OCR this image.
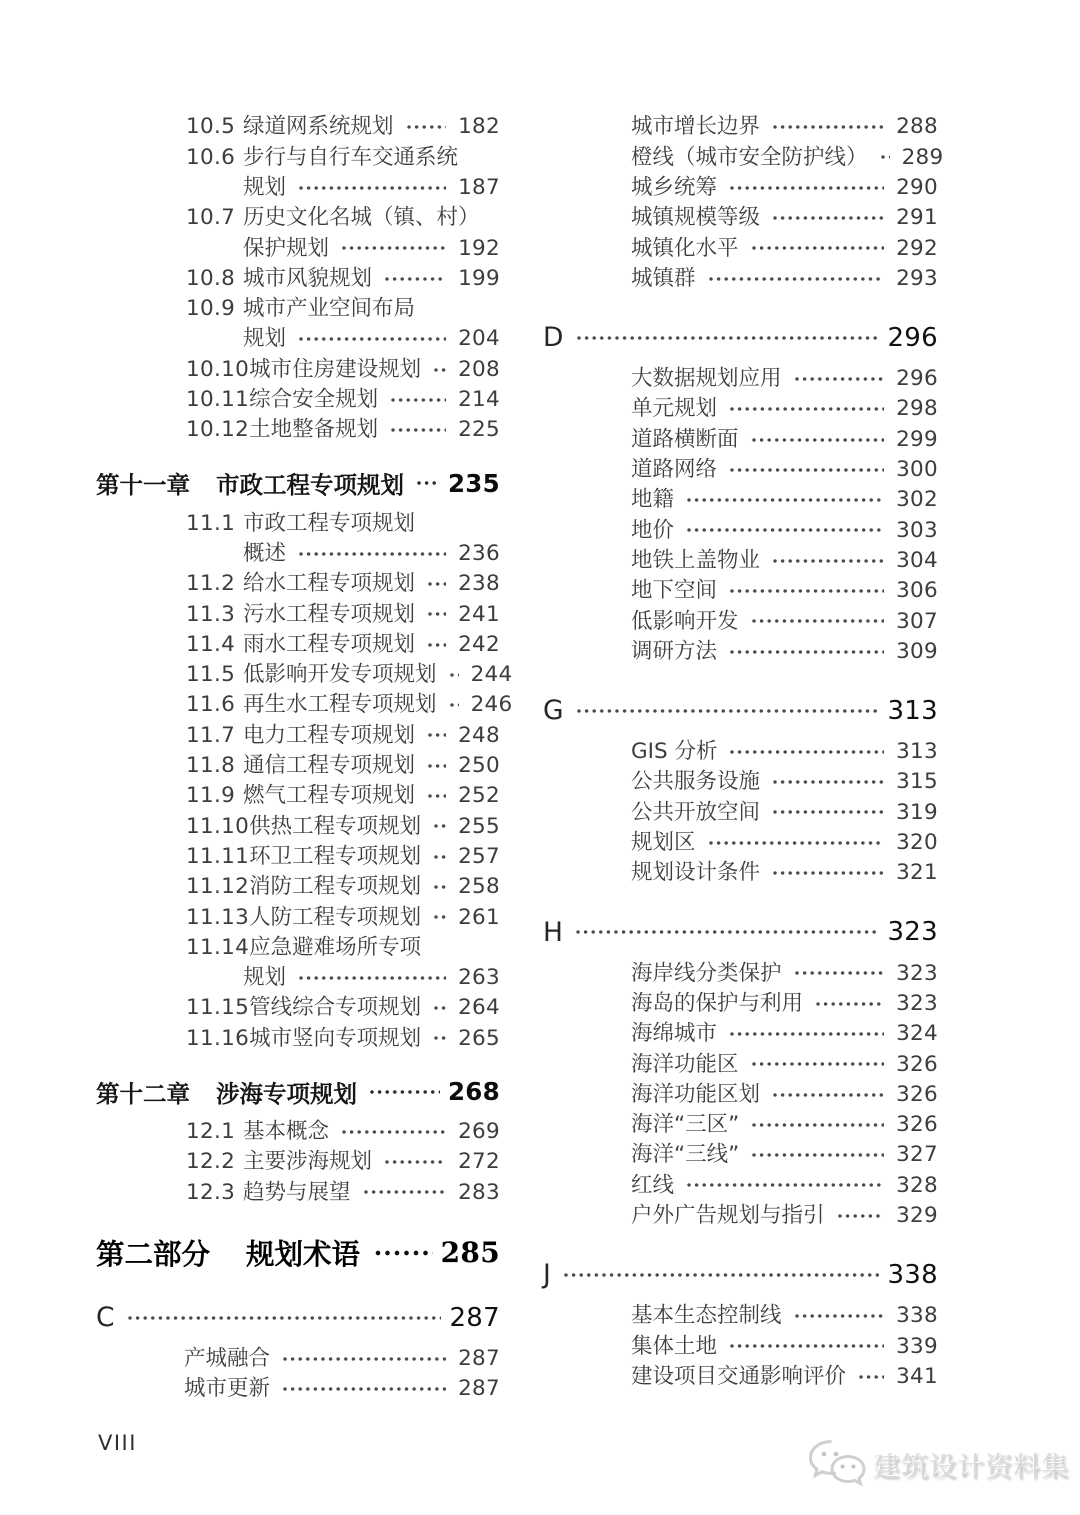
10.5 绿道网系统规划	182
10.6 步行与自行车交通系统
规划	187
10.7 历史文化名城（镇、村）
保护规划	192
10.8 城市风貌规划	199
10.9 城市产业空间布局
规划	204
10.10 城市住房建设规划 208
10.11 综合安全规划	214
10.12 土地整备规划	225
第十一章 市政工程专项规划 235
11.1 市政工程专项规划
概述	236
11.2 给水工程专项规划 238
11.3 污水工程专项规划 241
11.4 雨水工程专项规划 242
11.5 低影响开发专项规划 244
11.6 再生水工程专项规划 246
11.7 电力工程专项规划 248
11.8 通信工程专项规划 250
11.9 燃气工程专项规划 252
11.10 供热工程专项规划 255
11.11 环卫工程专项规划 257
11.12 消防工程专项规划 258
11.13 人防工程专项规划 261
11.14 应急避难场所专项
规划	263
11.15 管线综合专项规划 264
11.16 城市竖向专项规划 265
第十二章 涉海专项规划	268
12.1 基本概念	269
12.2 主要涉海规划	272
12.3 趋势与展望	283
第二部分 规划术语	285
C	287
产城融合	287
城市更新	287
城市增长边界	288
橙线（城市安全防护线） 289
城乡统筹	290
城镇规模等级	291
城镇化水平	292
城镇群	293
D	296
大数据规划应用	296
单元规划	298
道路横断面	299
道路网络	300
地籍	302
地价	303
地铁上盖物业	304
地下空间	306
低影响开发	307
调研方法	309
G	313
GIS 分析	313
公共服务设施	315
公共开放空间	319
规划区	320
规划设计条件	321
H	323
海岸线分类保护	323
海岛的保护与利用	323
海绵城市	324
海洋功能区	326
海洋功能区划	326
海洋“三区”	326
海洋“三线”	327
红线	328
户外广告规划与指引	329
J	338
基本生态控制线	338
集体土地	339
建设项目交通影响评价 341
VIII
建筑设计资料集
